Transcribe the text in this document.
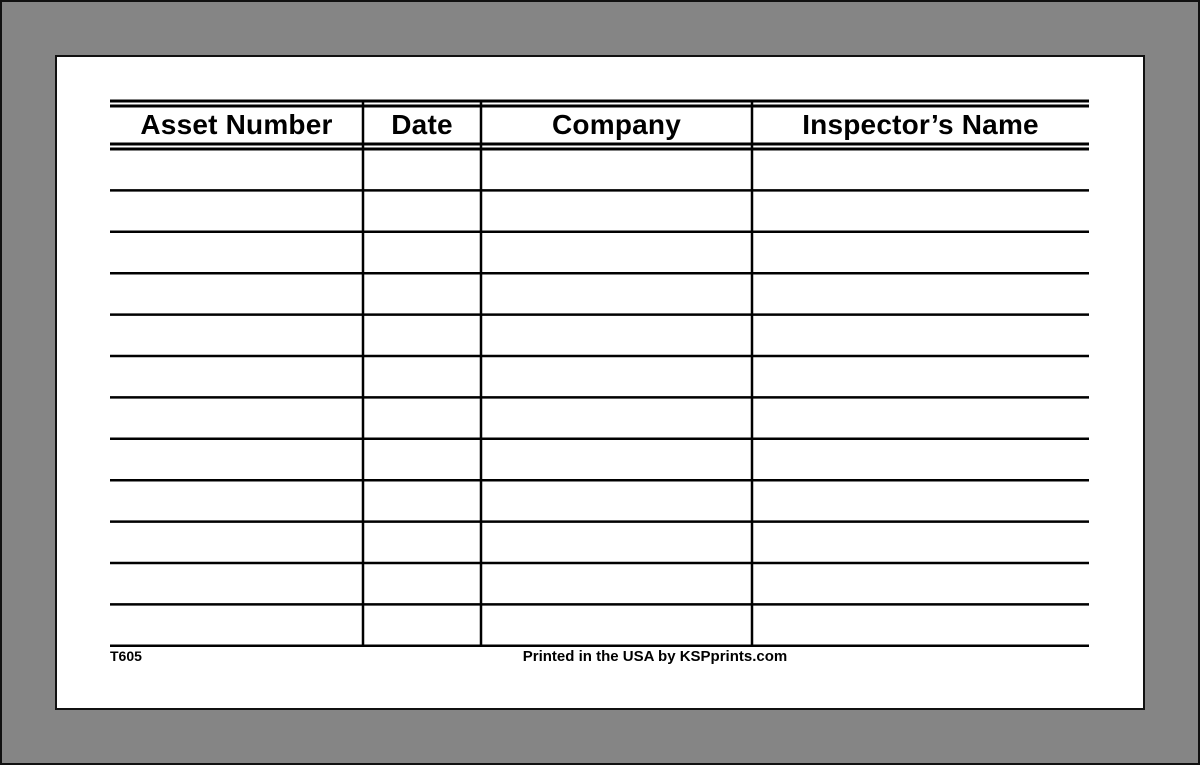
Asset Number	Date	Company	Inspector’s Name
T605	Printed in the USA by KSPprints.com
